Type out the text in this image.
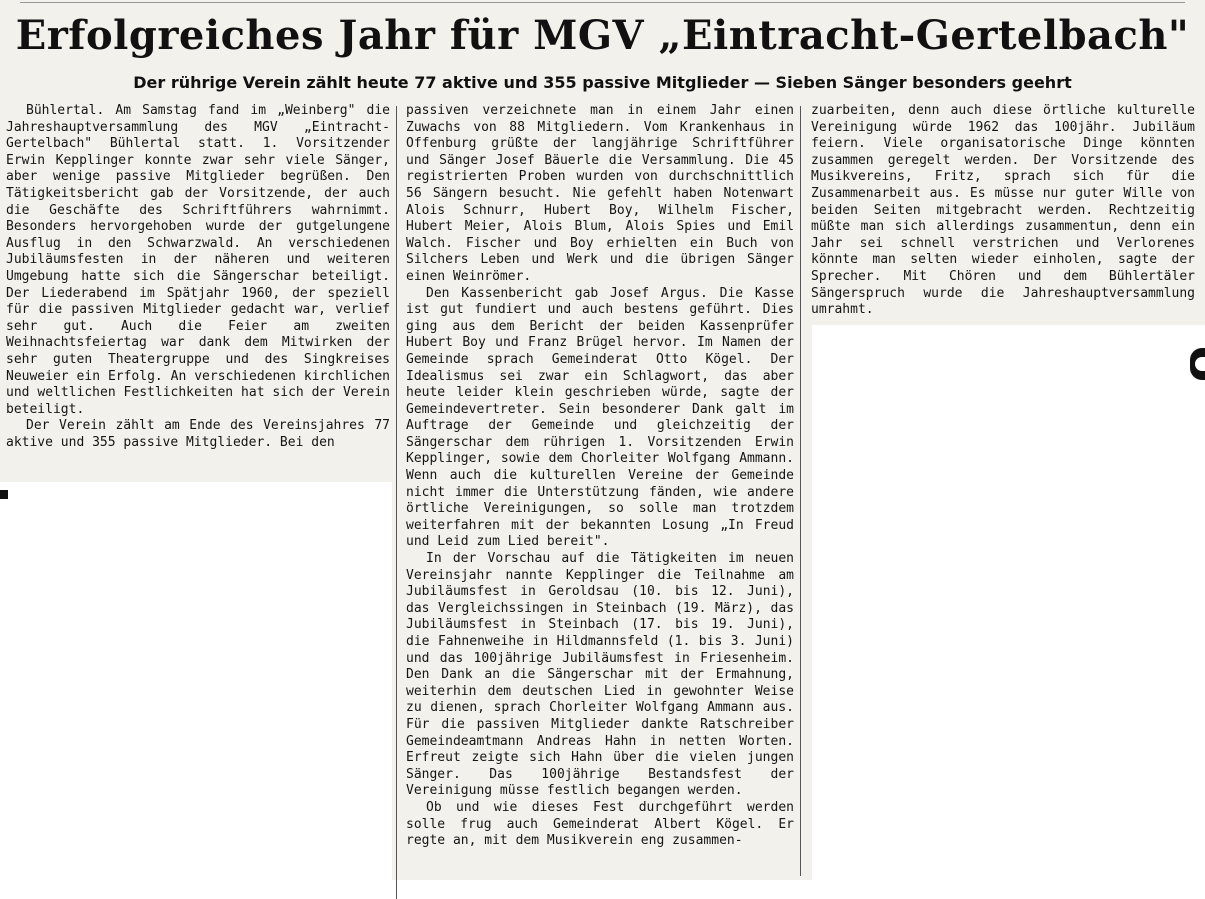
Erfolgreiches Jahr für MGV „Eintracht-Gertelbach"
Der rührige Verein zählt heute 77 aktive und 355 passive Mitglieder — Sieben Sänger besonders geehrt

Bühlertal. Am Samstag fand im „Weinberg" die Jahreshauptversammlung des MGV „Eintracht-Gertelbach" Bühlertal statt. 1. Vorsitzender Erwin Kepplinger konnte zwar sehr viele Sänger, aber wenige passive Mitglieder begrüßen. Den Tätigkeitsbericht gab der Vorsitzende, der auch die Geschäfte des Schriftführers wahrnimmt. Besonders hervorgehoben wurde der gutgelungene Ausflug in den Schwarzwald. An verschiedenen Jubiläumsfesten in der näheren und weiteren Umgebung hatte sich die Sängerschar beteiligt. Der Liederabend im Spätjahr 1960, der speziell für die passiven Mitglieder gedacht war, verlief sehr gut. Auch die Feier am zweiten Weihnachtsfeiertag war dank dem Mitwirken der sehr guten Theatergruppe und des Singkreises Neuweier ein Erfolg. An verschiedenen kirchlichen und weltlichen Festlichkeiten hat sich der Verein beteiligt.

Der Verein zählt am Ende des Vereinsjahres 77 aktive und 355 passive Mitglieder. Bei den

passiven verzeichnete man in einem Jahr einen Zuwachs von 88 Mitgliedern. Vom Krankenhaus in Offenburg grüßte der langjährige Schriftführer und Sänger Josef Bäuerle die Versammlung. Die 45 registrierten Proben wurden von durchschnittlich 56 Sängern besucht. Nie gefehlt haben Notenwart Alois Schnurr, Hubert Boy, Wilhelm Fischer, Hubert Meier, Alois Blum, Alois Spies und Emil Walch. Fischer und Boy erhielten ein Buch von Silchers Leben und Werk und die übrigen Sänger einen Weinrömer.

Den Kassenbericht gab Josef Argus. Die Kasse ist gut fundiert und auch bestens geführt. Dies ging aus dem Bericht der beiden Kassenprüfer Hubert Boy und Franz Brügel hervor. Im Namen der Gemeinde sprach Gemeinderat Otto Kögel. Der Idealismus sei zwar ein Schlagwort, das aber heute leider klein geschrieben würde, sagte der Gemeindevertreter. Sein besonderer Dank galt im Auftrage der Gemeinde und gleichzeitig der Sängerschar dem rührigen 1. Vorsitzenden Erwin Kepplinger, sowie dem Chorleiter Wolfgang Ammann. Wenn auch die kulturellen Vereine der Gemeinde nicht immer die Unterstützung fänden, wie andere örtliche Vereinigungen, so solle man trotzdem weiterfahren mit der bekannten Losung „In Freud und Leid zum Lied bereit".

In der Vorschau auf die Tätigkeiten im neuen Vereinsjahr nannte Kepplinger die Teilnahme am Jubiläumsfest in Geroldsau (10. bis 12. Juni), das Vergleichssingen in Steinbach (19. März), das Jubiläumsfest in Steinbach (17. bis 19. Juni), die Fahnenweihe in Hildmannsfeld (1. bis 3. Juni) und das 100jährige Jubiläumsfest in Friesenheim. Den Dank an die Sängerschar mit der Ermahnung, weiterhin dem deutschen Lied in gewohnter Weise zu dienen, sprach Chorleiter Wolfgang Ammann aus. Für die passiven Mitglieder dankte Ratschreiber Gemeindeamtmann Andreas Hahn in netten Worten. Erfreut zeigte sich Hahn über die vielen jungen Sänger. Das 100jährige Bestandsfest der Vereinigung müsse festlich begangen werden.

Ob und wie dieses Fest durchgeführt werden solle frug auch Gemeinderat Albert Kögel. Er regte an, mit dem Musikverein eng zusammen-

zuarbeiten, denn auch diese örtliche kulturelle Vereinigung würde 1962 das 100jähr. Jubiläum feiern. Viele organisatorische Dinge könnten zusammen geregelt werden. Der Vorsitzende des Musikvereins, Fritz, sprach sich für die Zusammenarbeit aus. Es müsse nur guter Wille von beiden Seiten mitgebracht werden. Rechtzeitig müßte man sich allerdings zusammentun, denn ein Jahr sei schnell verstrichen und Verlorenes könnte man selten wieder einholen, sagte der Sprecher. Mit Chören und dem Bühlertäler Sängerspruch wurde die Jahreshauptversammlung umrahmt.
